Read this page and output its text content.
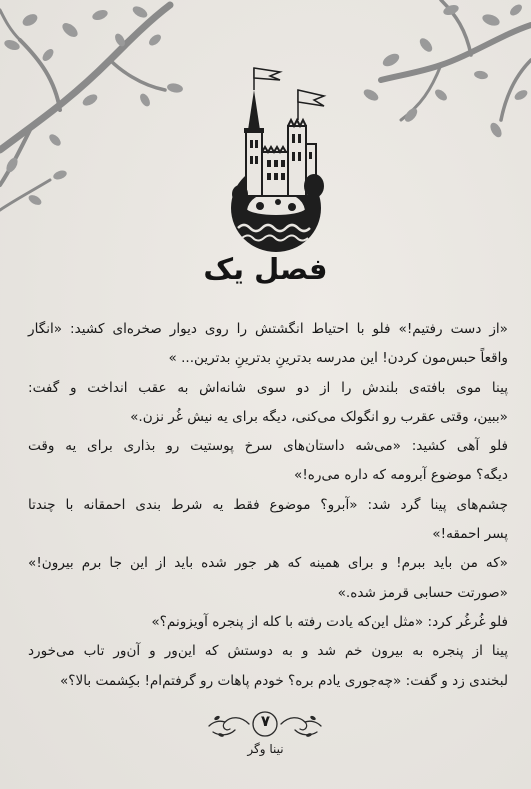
فصل یک
«از دست رفتیم!» فلو با احتیاط انگشتش را روی دیوار صخره‌ای کشید: «انگار
واقعاً حبس‌مون کردن! این مدرسه بدترینِ بدترینِ بدترین... »
پینا موی بافته‌ی بلندش را از دو سوی شانه‌اش به عقب انداخت و گفت:
«ببین، وقتی عقرب رو انگولک می‌کنی، دیگه برای یه نیش غُر نزن.»
فلو آهی کشید: «می‌شه داستان‌های سرخ پوستیت رو بذاری برای یه وقت
دیگه؟ موضوع آبرومه که داره می‌ره!»
چشم‌های پینا گرد شد: «آبرو؟ موضوع فقط یه شرط بندی احمقانه با چندتا
پسر احمقه!»
«که من باید ببرم! و برای همینه که هر جور شده باید از این جا برم بیرون!»
«صورتت حسابی قرمز شده.»
فلو غُرغُر کرد: «مثل این‌که یادت رفته با کله از پنجره آویزونم؟»
پینا از پنجره به بیرون خم شد و به دوستش که این‌ور و آن‌ور تاب می‌خورد
لبخندی زد و گفت: «چه‌جوری یادم بره؟ خودم پاهات رو گرفتم‌ام! بکِشمت بالا؟»
۷
نینا وگر
